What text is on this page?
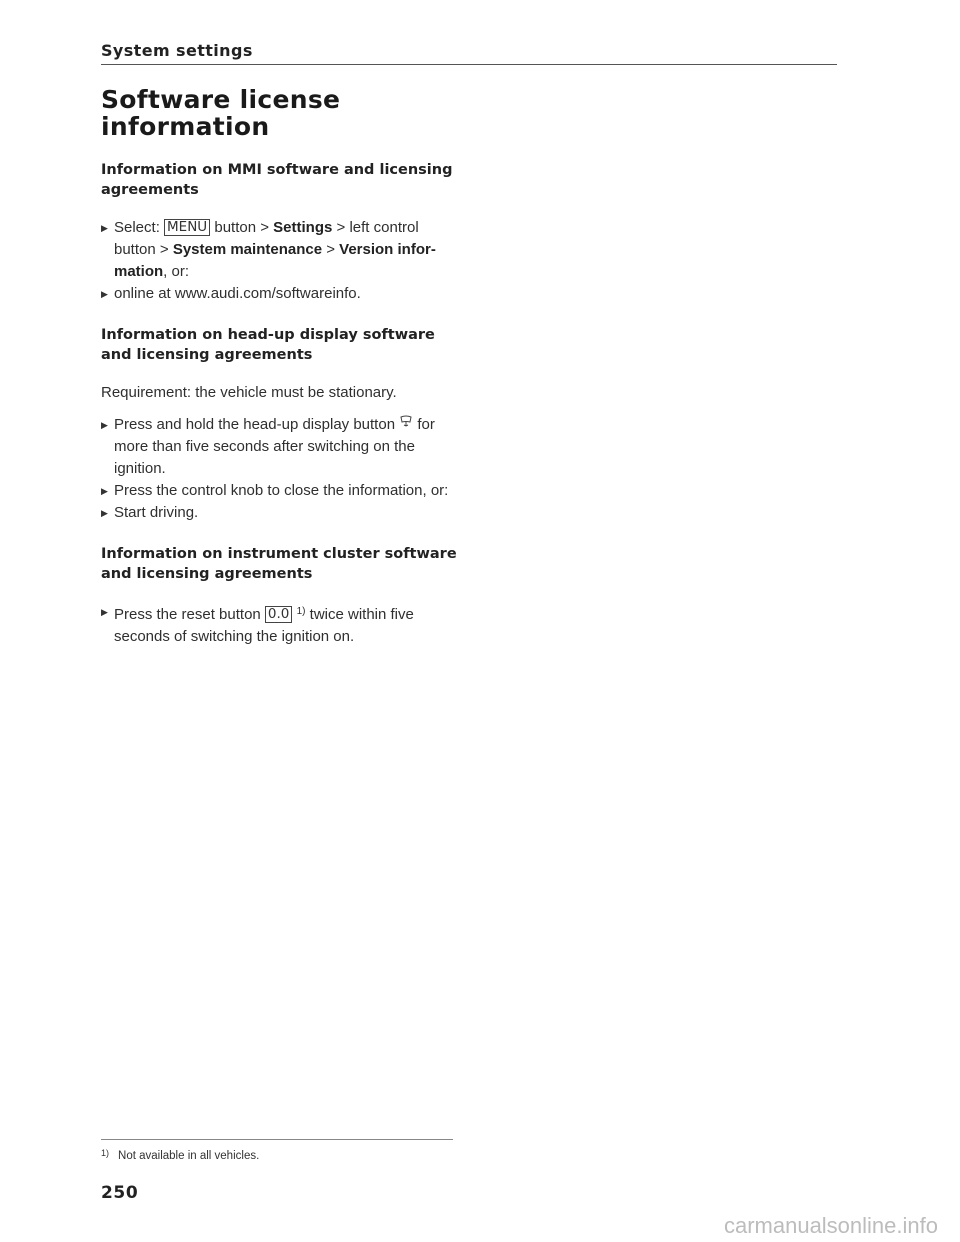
System settings
Software license information
Information on MMI software and licensing agreements
▶ Select: MENU button > Settings > left control button > System maintenance > Version infor-mation, or:
▶ online at www.audi.com/softwareinfo.
Information on head-up display software and licensing agreements

Requirement: the vehicle must be stationary.

▶ Press and hold the head-up display button for more than five seconds after switching on the ignition.
▶ Press the control knob to close the information, or:
▶ Start driving.
Information on instrument cluster software and licensing agreements
▶ Press the reset button 0.0 $^{1)}$ twice within five seconds of switching the ignition on.
$^{1)}$ Not available in all vehicles.
250
carmanualsonline.info
